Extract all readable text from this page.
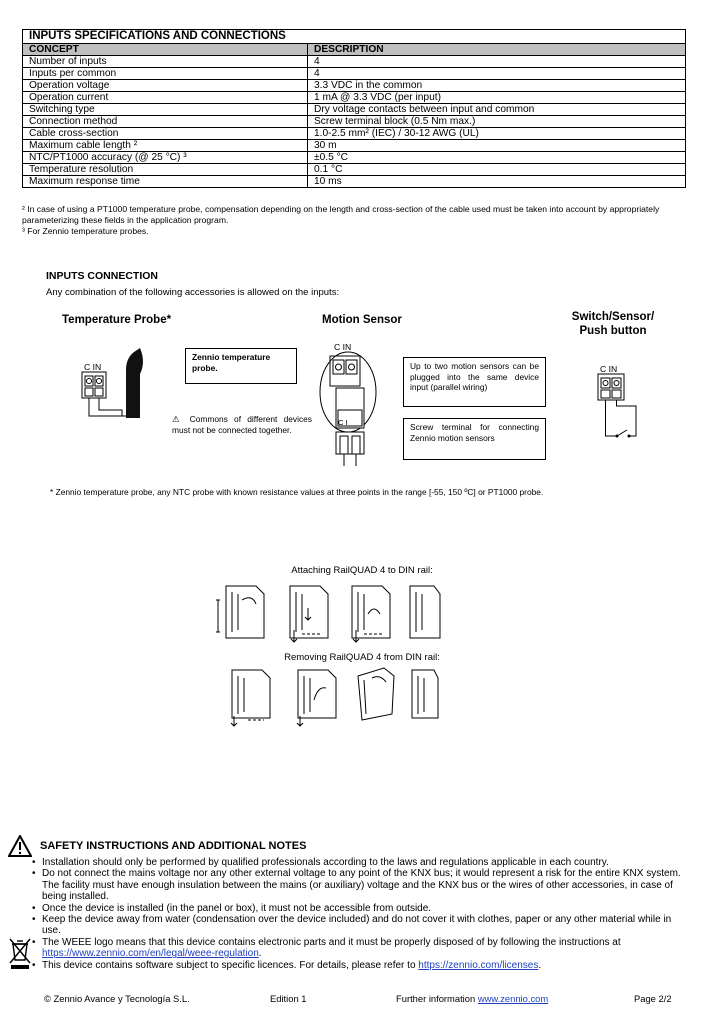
INPUTS SPECIFICATIONS AND CONNECTIONS	
CONCEPT	DESCRIPTION
Number of inputs	4
Inputs per common	4
Operation voltage	3.3 VDC in the common
Operation current	1 mA @ 3.3 VDC (per input)
Switching type	Dry voltage contacts between input and common
Connection method	Screw terminal block (0.5 Nm max.)
Cable cross-section	1.0-2.5 mm² (IEC) / 30-12 AWG (UL)
Maximum cable length ²	30 m
NTC/PT1000 accuracy (@ 25 °C) ³	±0.5 °C
Temperature resolution	0.1 °C
Maximum response time	10 ms
² In case of using a PT1000 temperature probe, compensation depending on the length and cross-section of the cable used must be taken into account by appropriately parameterizing these fields in the application program.
³ For Zennio temperature probes.
INPUTS CONNECTION
Any combination of the following accessories is allowed on the inputs:
Temperature Probe*	Motion Sensor	Switch/Sensor/
Push button
C IN
Zennio temperature probe.
⚠ Commons of different devices must not be connected together.
C IN
C I
Up to two motion sensors can be plugged into the same device input (parallel wiring)
Screw terminal for connecting Zennio motion sensors
C IN
* Zennio temperature probe, any NTC probe with known resistance values at three points in the range [-55, 150 ºC] or PT1000 probe.
Attaching RailQUAD 4 to DIN rail:
Removing RailQUAD 4 from DIN rail:
SAFETY INSTRUCTIONS AND ADDITIONAL NOTES
• Installation should only be performed by qualified professionals according to the laws and regulations applicable in each country.
• Do not connect the mains voltage nor any other external voltage to any point of the KNX bus; it would represent a risk for the entire KNX system. The facility must have enough insulation between the mains (or auxiliary) voltage and the KNX bus or the wires of other accessories, in case of being installed.
• Once the device is installed (in the panel or box), it must not be accessible from outside.
• Keep the device away from water (condensation over the device included) and do not cover it with clothes, paper or any other material while in use.
• The WEEE logo means that this device contains electronic parts and it must be properly disposed of by following the instructions at https://www.zennio.com/en/legal/weee-regulation.
• This device contains software subject to specific licences. For details, please refer to https://zennio.com/licenses.
© Zennio Avance y Tecnología S.L.	Edition 1	Further information www.zennio.com	Page 2/2
